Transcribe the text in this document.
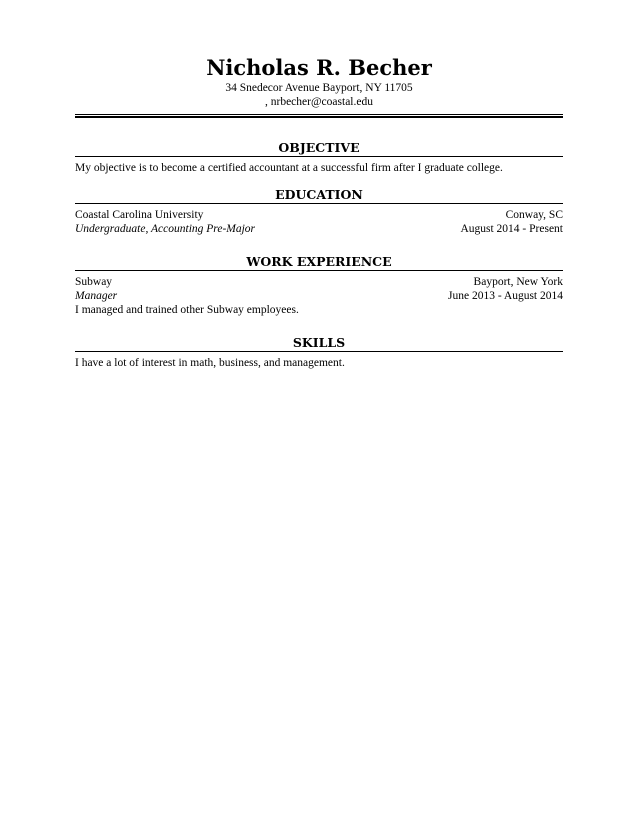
Nicholas R. Becher
34 Snedecor Avenue Bayport, NY 11705
, nrbecher@coastal.edu
OBJECTIVE
My objective is to become a certified accountant at a successful firm after I graduate college.
EDUCATION
Coastal Carolina University	Conway, SC
Undergraduate, Accounting Pre-Major	August 2014 - Present
WORK EXPERIENCE
Subway	Bayport, New York
Manager	June 2013 - August 2014
I managed and trained other Subway employees.
SKILLS
I have a lot of interest in math, business, and management.
